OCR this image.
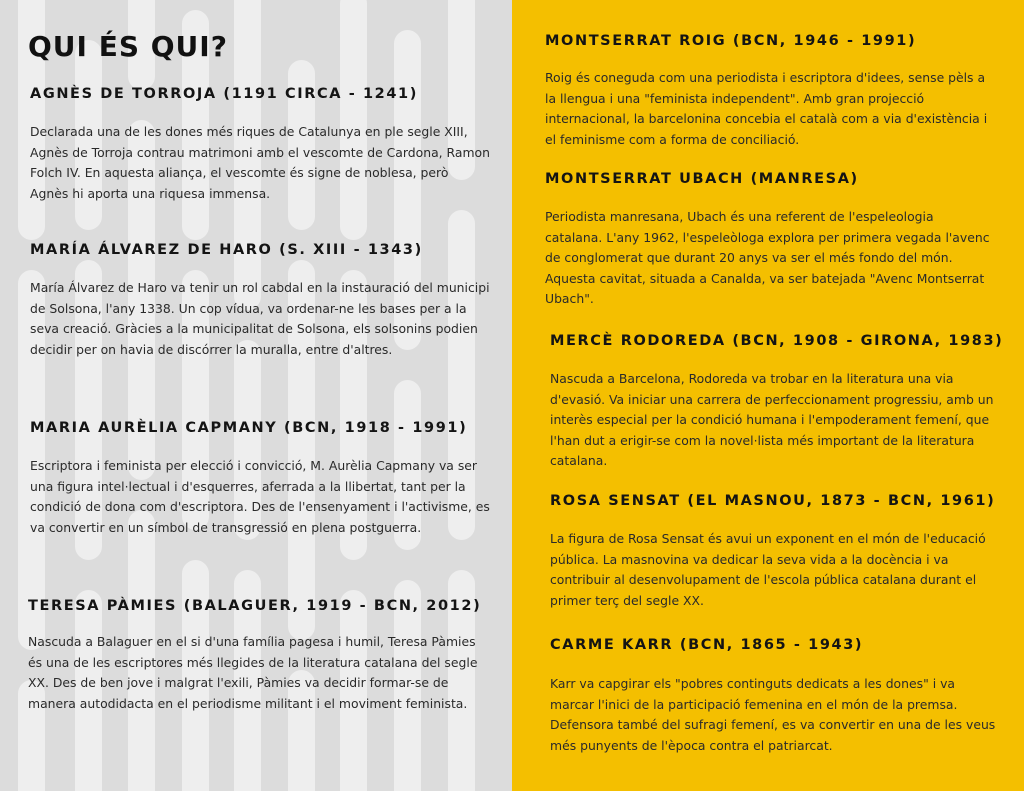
QUI ÉS QUI?
AGNÈS DE TORROJA (1191 CIRCA - 1241)

Declarada una de les dones més riques de Catalunya en ple segle XIII, Agnès de Torroja contrau matrimoni amb el vescomte de Cardona, Ramon Folch IV. En aquesta aliança, el vescomte és signe de noblesa, però Agnès hi aporta una riquesa immensa.

MARÍA ÁLVAREZ DE HARO (S. XIII - 1343)

María Álvarez de Haro va tenir un rol cabdal en la instauració del municipi de Solsona, l'any 1338. Un cop vídua, va ordenar-ne les bases per a la seva creació. Gràcies a la municipalitat de Solsona, els solsonins podien decidir per on havia de discórrer la muralla, entre d'altres.

MARIA AURÈLIA CAPMANY (BCN, 1918 - 1991)

Escriptora i feminista per elecció i convicció, M. Aurèlia Capmany va ser una figura intel·lectual i d'esquerres, aferrada a la llibertat, tant per la condició de dona com d'escriptora. Des de l'ensenyament i l'activisme, es va convertir en un símbol de transgressió en plena postguerra.

TERESA PÀMIES (BALAGUER, 1919 - BCN, 2012)

Nascuda a Balaguer en el si d'una família pagesa i humil, Teresa Pàmies és una de les escriptores més llegides de la literatura catalana del segle XX. Des de ben jove i malgrat l'exili, Pàmies va decidir formar-se de manera autodidacta en el periodisme militant i el moviment feminista.

MONTSERRAT ROIG (BCN, 1946 - 1991)

Roig és coneguda com una periodista i escriptora d'idees, sense pèls a la llengua i una "feminista independent". Amb gran projecció internacional, la barcelonina concebia el català com a via d'existència i el feminisme com a forma de conciliació.

MONTSERRAT UBACH (MANRESA)

Periodista manresana, Ubach és una referent de l'espeleologia catalana. L'any 1962, l'espeleòloga explora per primera vegada l'avenc de conglomerat que durant 20 anys va ser el més fondo del món. Aquesta cavitat, situada a Canalda, va ser batejada "Avenc Montserrat Ubach".

MERCÈ RODOREDA (BCN, 1908 - GIRONA, 1983)

Nascuda a Barcelona, Rodoreda va trobar en la literatura una via d'evasió. Va iniciar una carrera de perfeccionament progressiu, amb un interès especial per la condició humana i l'empoderament femení, que l'han dut a erigir-se com la novel·lista més important de la literatura catalana.

ROSA SENSAT (EL MASNOU, 1873 - BCN, 1961)

La figura de Rosa Sensat és avui un exponent en el món de l'educació pública. La masnovina va dedicar la seva vida a la docència i va contribuir al desenvolupament de l'escola pública catalana durant el primer terç del segle XX.

CARME KARR (BCN, 1865 - 1943)

Karr va capgirar els "pobres continguts dedicats a les dones" i va marcar l'inici de la participació femenina en el món de la premsa. Defensora també del sufragi femení, es va convertir en una de les veus més punyents de l'època contra el patriarcat.
